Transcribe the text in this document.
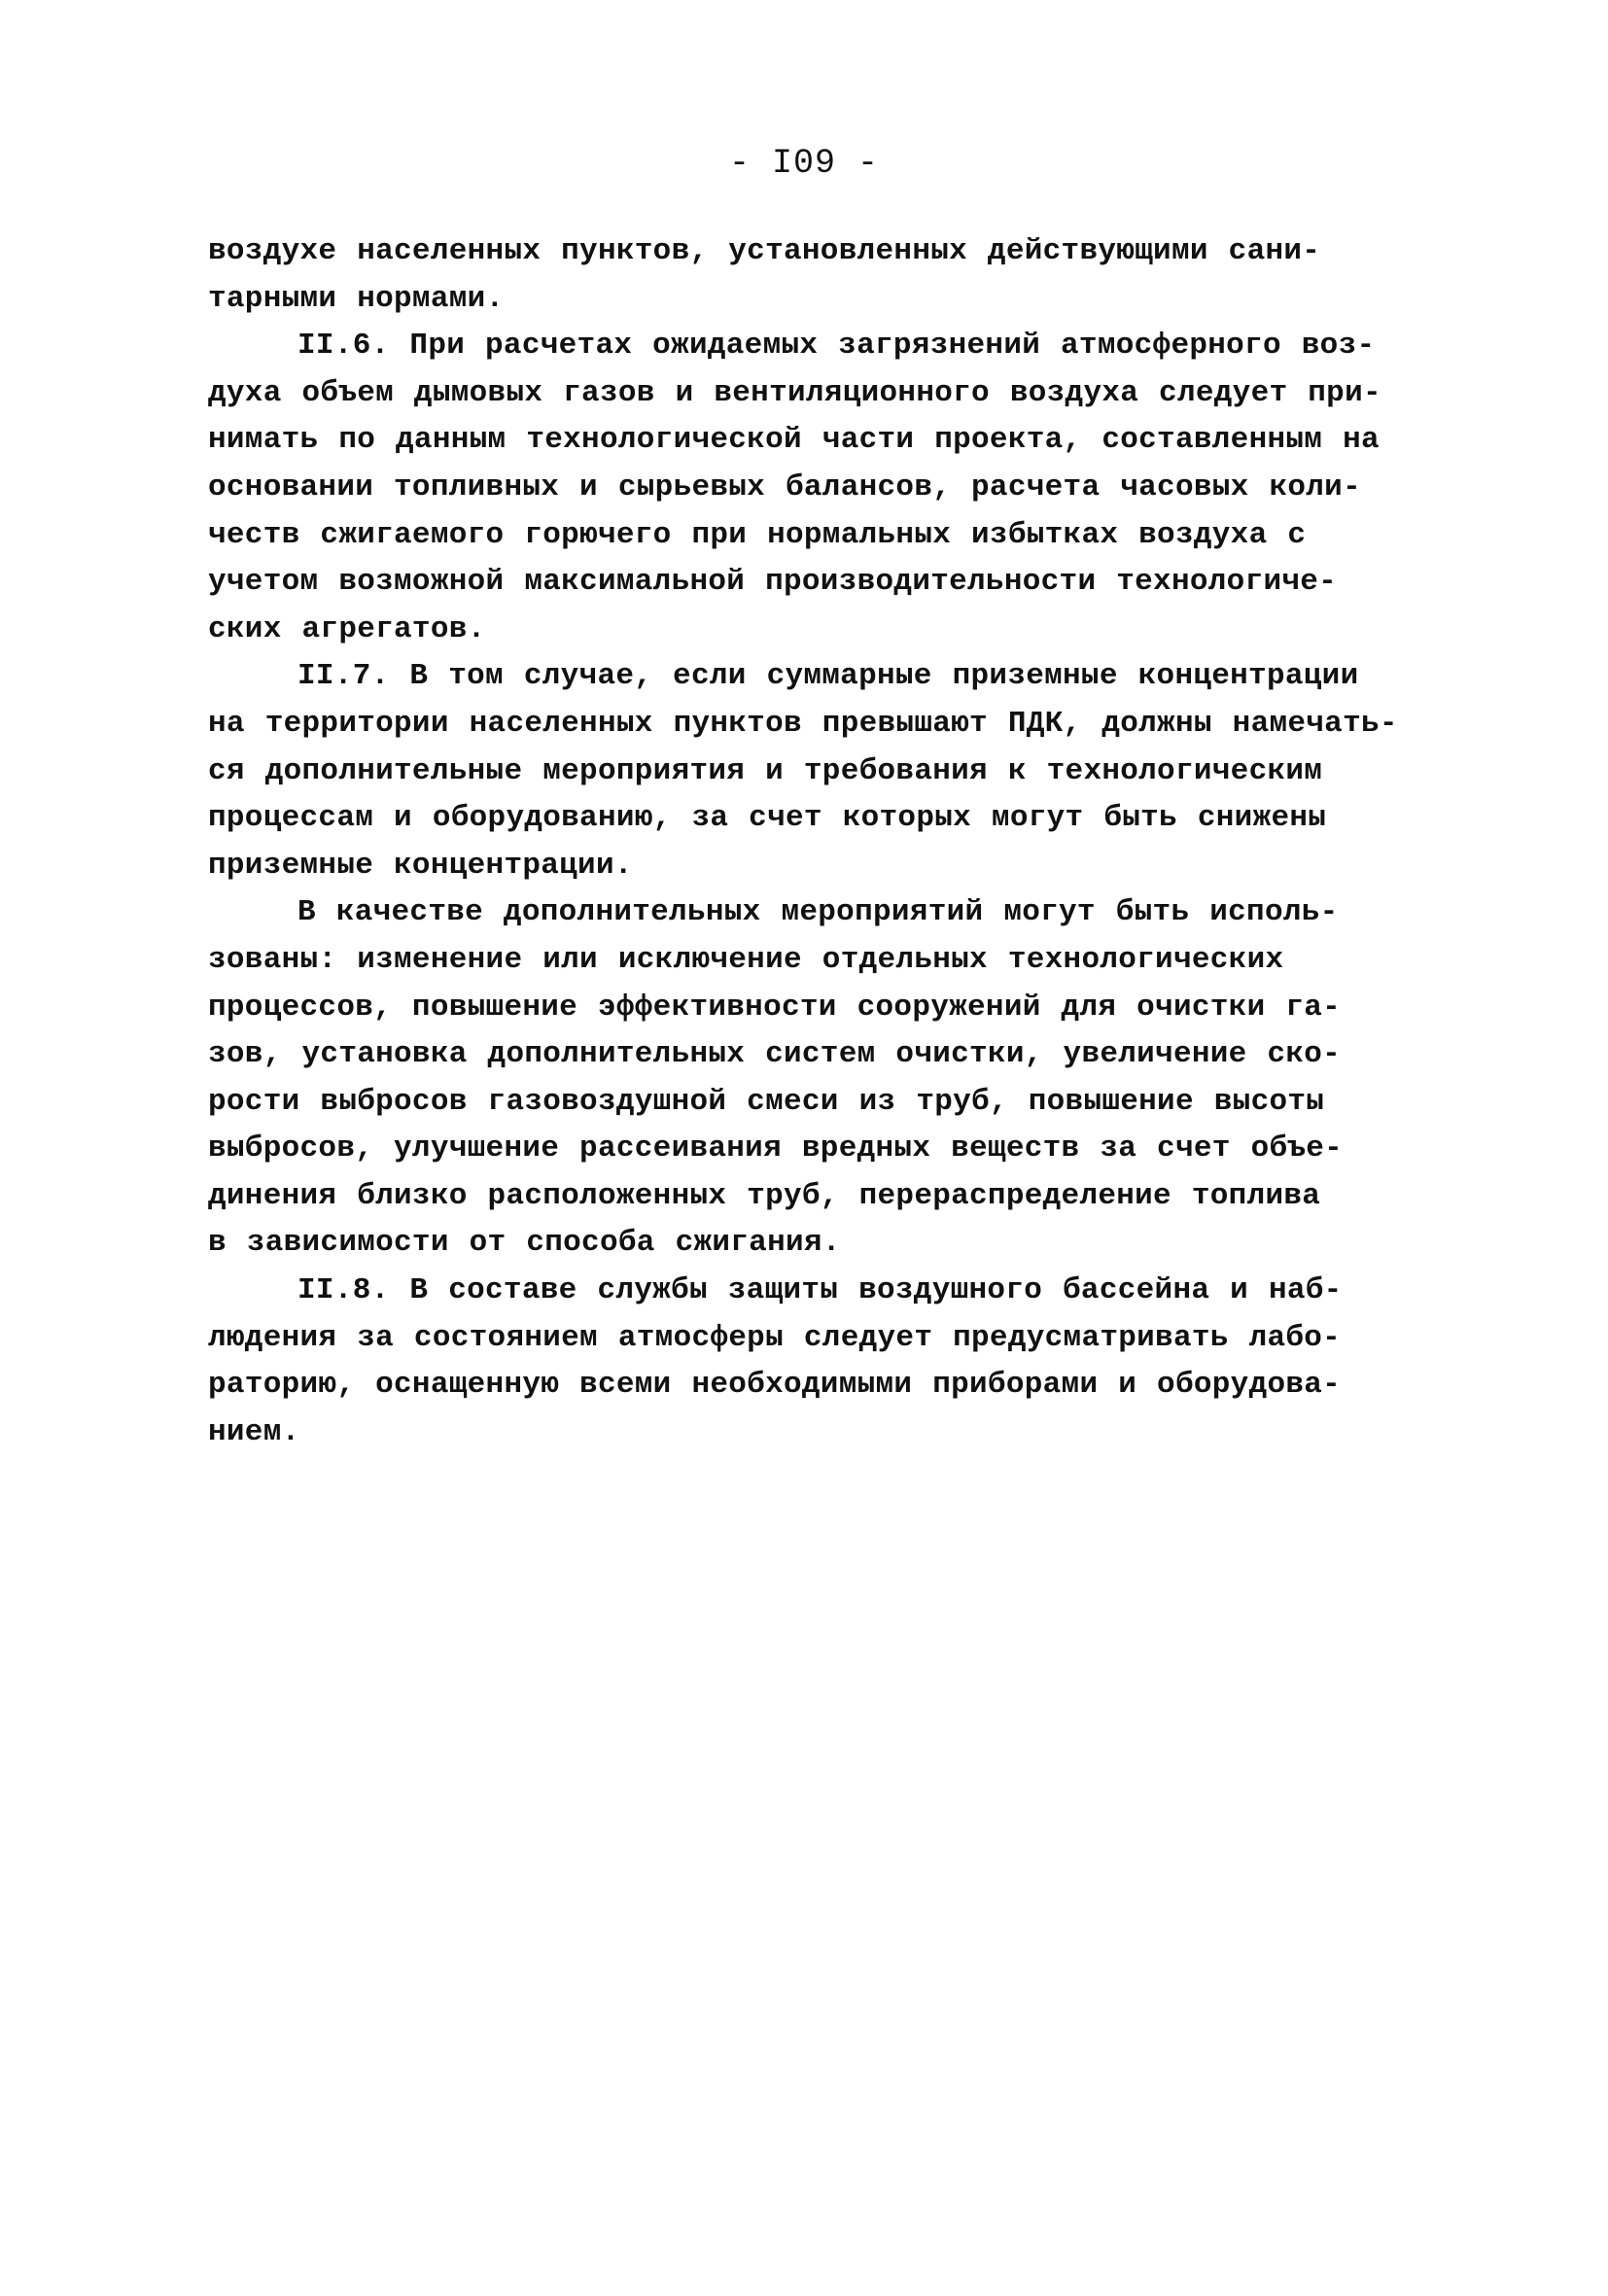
- I09 -
воздухе населенных пунктов, установленных действующими сани-
тарными нормами.
II.6. При расчетах ожидаемых загрязнений атмосферного воз-
духа объем дымовых газов и вентиляционного воздуха следует при-
нимать по данным технологической части проекта, составленным на
основании топливных и сырьевых балансов, расчета часовых коли-
честв сжигаемого горючего при нормальных избытках воздуха с
учетом возможной максимальной производительности технологиче-
ских агрегатов.
II.7. В том случае, если суммарные приземные концентрации
на территории населенных пунктов превышают ПДК, должны намечать-
ся дополнительные мероприятия и требования к технологическим
процессам и оборудованию, за счет которых могут быть снижены
приземные концентрации.
В качестве дополнительных мероприятий могут быть исполь-
зованы: изменение или исключение отдельных технологических
процессов, повышение эффективности сооружений для очистки га-
зов, установка дополнительных систем очистки, увеличение ско-
рости выбросов газовоздушной смеси из труб, повышение высоты
выбросов, улучшение рассеивания вредных веществ за счет объе-
динения близко расположенных труб, перераспределение топлива
в зависимости от способа сжигания.
II.8. В составе службы защиты воздушного бассейна и наб-
людения за состоянием атмосферы следует предусматривать лабо-
раторию, оснащенную всеми необходимыми приборами и оборудова-
нием.
